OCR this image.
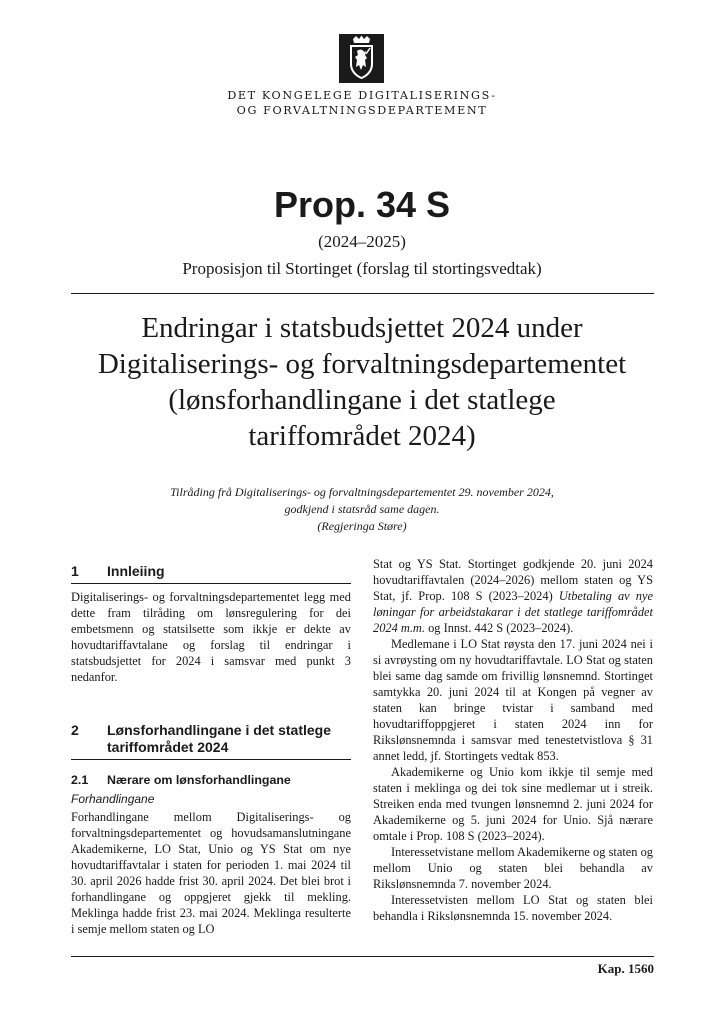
DET KONGELEGE DIGITALISERINGS-
OG FORVALTNINGSDEPARTEMENT
Prop. 34 S
(2024–2025)
Proposisjon til Stortinget (forslag til stortingsvedtak)
Endringar i statsbudsjettet 2024 under
Digitaliserings- og forvaltningsdepartementet
(lønsforhandlingane i det statlege
tariffområdet 2024)
Tilråding frå Digitaliserings- og forvaltningsdepartementet 29. november 2024,
godkjend i statsråd same dagen.
(Regjeringa Støre)
1	Innleiing

Digitaliserings- og forvaltningsdepartementet legg med dette fram tilråding om lønsregulering for dei embetsmenn og statsilsette som ikkje er dekte av hovudtariffavtalane og forslag til endringar i statsbudsjettet for 2024 i samsvar med punkt 3 nedanfor.

2	Lønsforhandlingane i det statlege tariffområdet 2024
2.1	Nærare om lønsforhandlingane
Forhandlingane

Forhandlingane mellom Digitaliserings- og forvaltningsdepartementet og hovudsamanslutningane Akademikerne, LO Stat, Unio og YS Stat om nye hovudtariffavtalar i staten for perioden 1. mai 2024 til 30. april 2026 hadde frist 30. april 2024. Det blei brot i forhandlingane og oppgjeret gjekk til mekling. Meklinga hadde frist 23. mai 2024. Meklinga resulterte i semje mellom staten og LO

Stat og YS Stat. Stortinget godkjende 20. juni 2024 hovudtariffavtalen (2024–2026) mellom staten og YS Stat, jf. Prop. 108 S (2023–2024) Utbetaling av nye løningar for arbeidstakarar i det statlege tariffområdet 2024 m.m. og Innst. 442 S (2023–2024).

Medlemane i LO Stat røysta den 17. juni 2024 nei i si avrøysting om ny hovudtariffavtale. LO Stat og staten blei same dag samde om frivillig lønsnemnd. Stortinget samtykka 20. juni 2024 til at Kongen på vegner av staten kan bringe tvistar i samband med hovudtariffoppgjeret i staten 2024 inn for Rikslønsnemnda i samsvar med tenestetvistlova § 31 annet ledd, jf. Stortingets vedtak 853.

Akademikerne og Unio kom ikkje til semje med staten i meklinga og dei tok sine medlemar ut i streik. Streiken enda med tvungen lønsnemnd 2. juni 2024 for Akademikerne og 5. juni 2024 for Unio. Sjå nærare omtale i Prop. 108 S (2023–2024).

Interessetvistane mellom Akademikerne og staten og mellom Unio og staten blei behandla av Rikslønsnemnda 7. november 2024.

Interessetvisten mellom LO Stat og staten blei behandla i Rikslønsnemnda 15. november 2024.

Kap. 1560
